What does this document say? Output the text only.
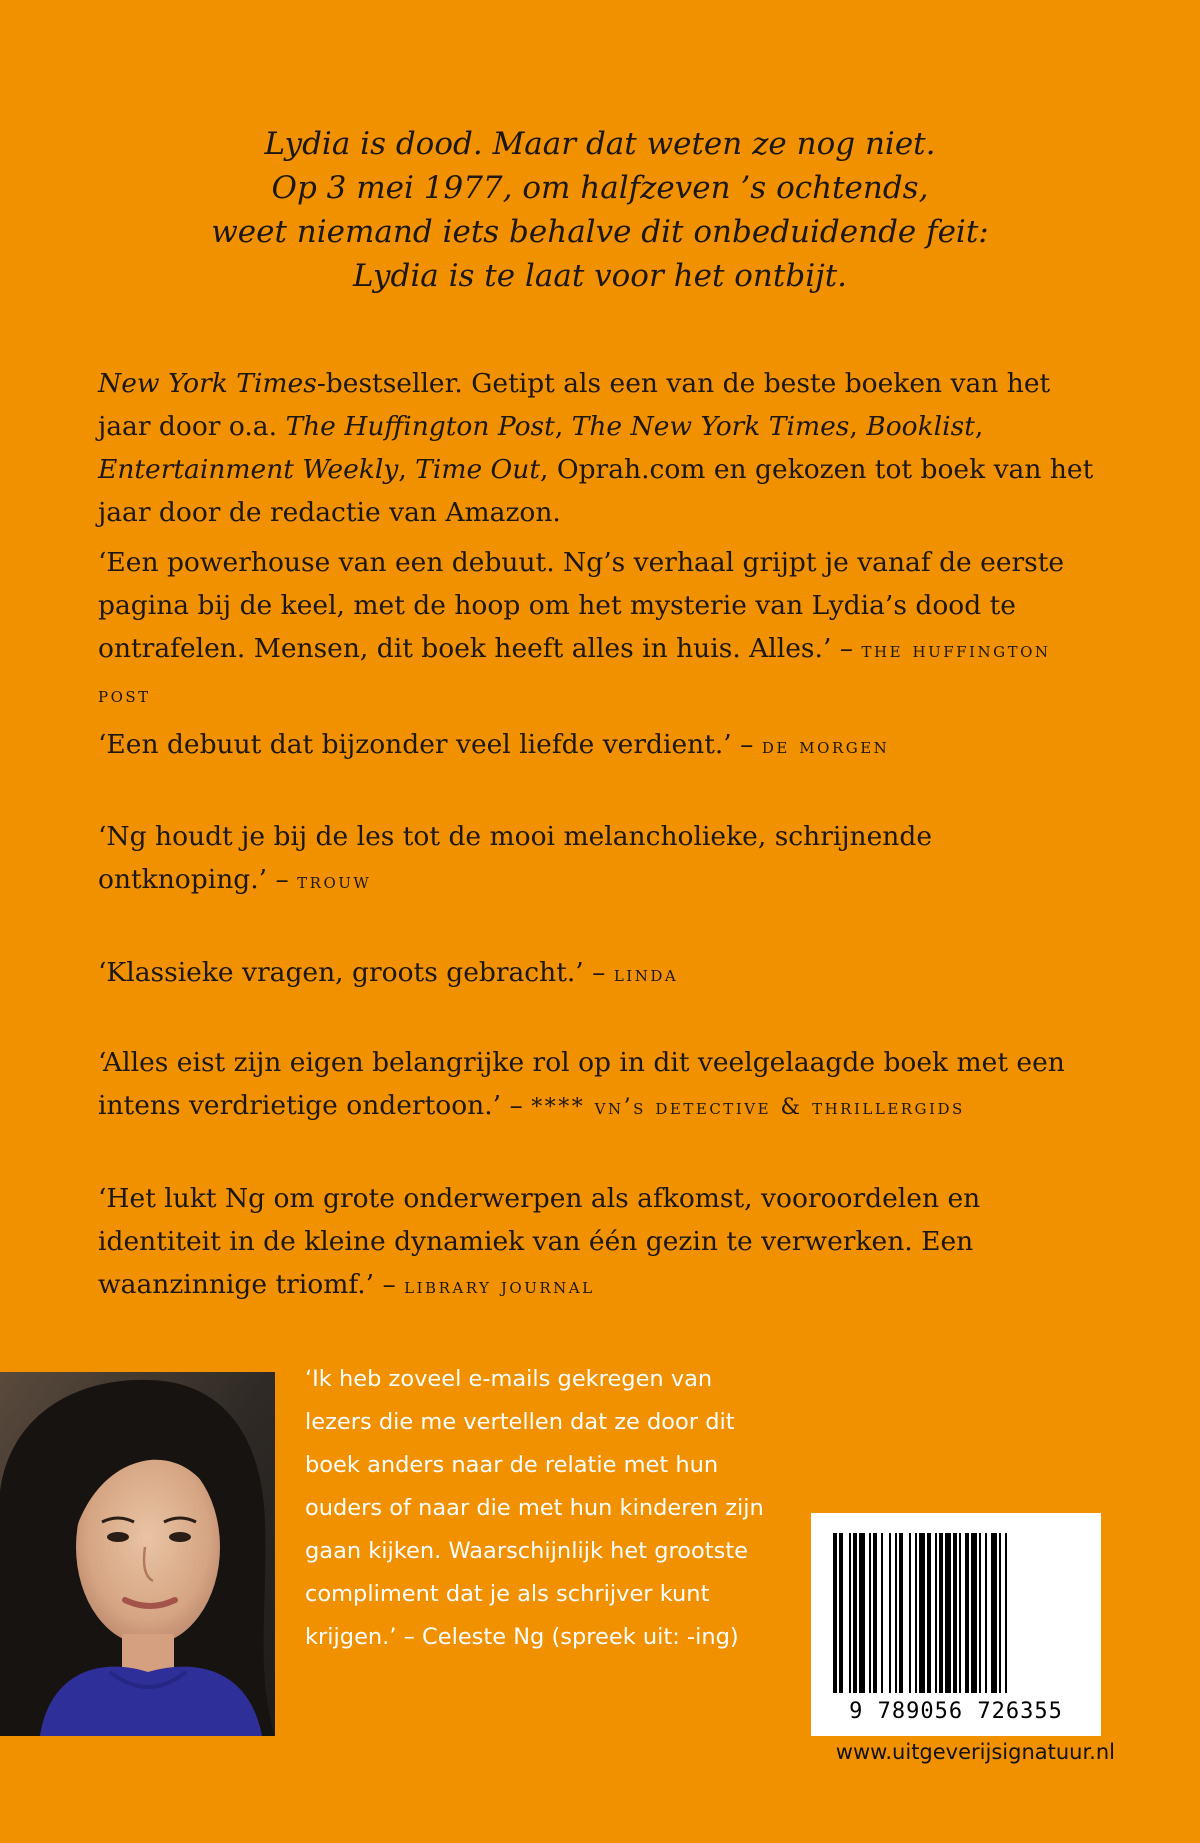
Lydia is dood. Maar dat weten ze nog niet.
Op 3 mei 1977, om halfzeven ’s ochtends,
weet niemand iets behalve dit onbeduidende feit:
Lydia is te laat voor het ontbijt.

New York Times-bestseller. Getipt als een van de beste boeken van het jaar door o.a. The Huffington Post, The New York Times, Booklist, Entertainment Weekly, Time Out, Oprah.com en gekozen tot boek van het jaar door de redactie van Amazon.

‘Een powerhouse van een debuut. Ng’s verhaal grijpt je vanaf de eerste pagina bij de keel, met de hoop om het mysterie van Lydia’s dood te ontrafelen. Mensen, dit boek heeft alles in huis. Alles.’ – the huffington post

‘Een debuut dat bijzonder veel liefde verdient.’ – de morgen

‘Ng houdt je bij de les tot de mooi melancholieke, schrijnende ontknoping.’ – trouw

‘Klassieke vragen, groots gebracht.’ – linda

‘Alles eist zijn eigen belangrijke rol op in dit veelgelaagde boek met een intens verdrietige ondertoon.’ – **** vn’s detective & thrillergids

‘Het lukt Ng om grote onderwerpen als afkomst, vooroordelen en identiteit in de kleine dynamiek van één gezin te verwerken. Een waanzinnige triomf.’ – library journal

‘Ik heb zoveel e-mails gekregen van lezers die me vertellen dat ze door dit boek anders naar de relatie met hun ouders of naar die met hun kinderen zijn gaan kijken. Waarschijnlijk het grootste compliment dat je als schrijver kunt krijgen.’ – Celeste Ng (spreek uit: -ing)
9 789056 726355
www.uitgeverijsignatuur.nl
